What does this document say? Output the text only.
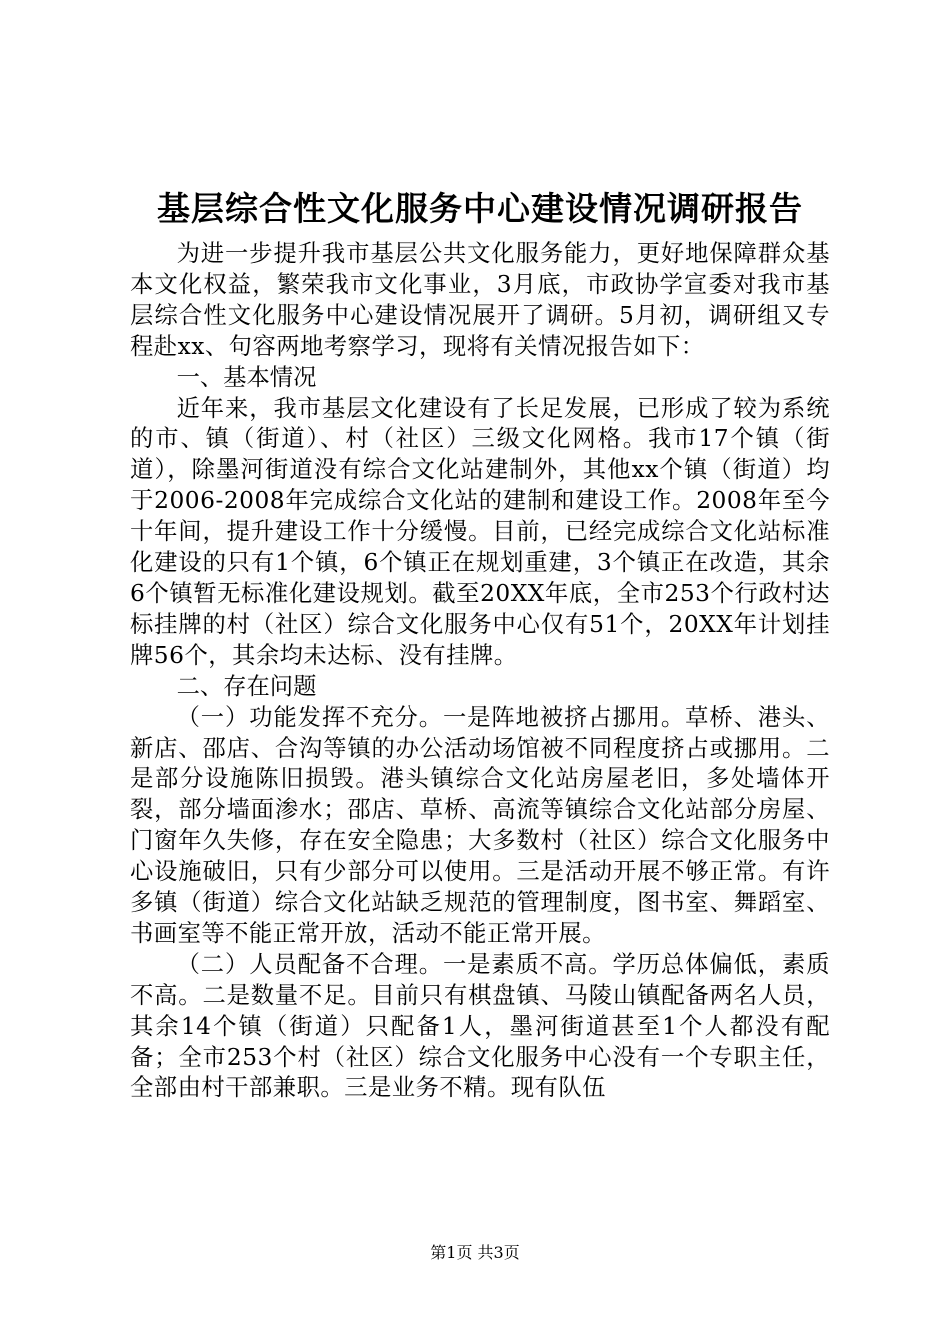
基层综合性文化服务中心建设情况调研报告

为进一步提升我市基层公共文化服务能力，更好地保障群众基本文化权益，繁荣我市文化事业，3月底，市政协学宣委对我市基层综合性文化服务中心建设情况展开了调研。5月初，调研组又专程赴xx、句容两地考察学习，现将有关情况报告如下：

一、基本情况

近年来，我市基层文化建设有了长足发展，已形成了较为系统的市、镇（街道）、村（社区）三级文化网格。我市17个镇（街道），除墨河街道没有综合文化站建制外，其他xx个镇（街道）均于2006-2008年完成综合文化站的建制和建设工作。2008年至今十年间，提升建设工作十分缓慢。目前，已经完成综合文化站标准化建设的只有1个镇，6个镇正在规划重建，3个镇正在改造，其余6个镇暂无标准化建设规划。截至20XX年底，全市253个行政村达标挂牌的村（社区）综合文化服务中心仅有51个，20XX年计划挂牌56个，其余均未达标、没有挂牌。

二、存在问题

（一）功能发挥不充分。一是阵地被挤占挪用。草桥、港头、新店、邵店、合沟等镇的办公活动场馆被不同程度挤占或挪用。二是部分设施陈旧损毁。港头镇综合文化站房屋老旧，多处墙体开裂，部分墙面渗水；邵店、草桥、高流等镇综合文化站部分房屋、门窗年久失修，存在安全隐患；大多数村（社区）综合文化服务中心设施破旧，只有少部分可以使用。三是活动开展不够正常。有许多镇（街道）综合文化站缺乏规范的管理制度，图书室、舞蹈室、书画室等不能正常开放，活动不能正常开展。

（二）人员配备不合理。一是素质不高。学历总体偏低，素质不高。二是数量不足。目前只有棋盘镇、马陵山镇配备两名人员，其余14个镇（街道）只配备1人，墨河街道甚至1个人都没有配备；全市253个村（社区）综合文化服务中心没有一个专职主任，全部由村干部兼职。三是业务不精。现有队伍

第1页 共3页
